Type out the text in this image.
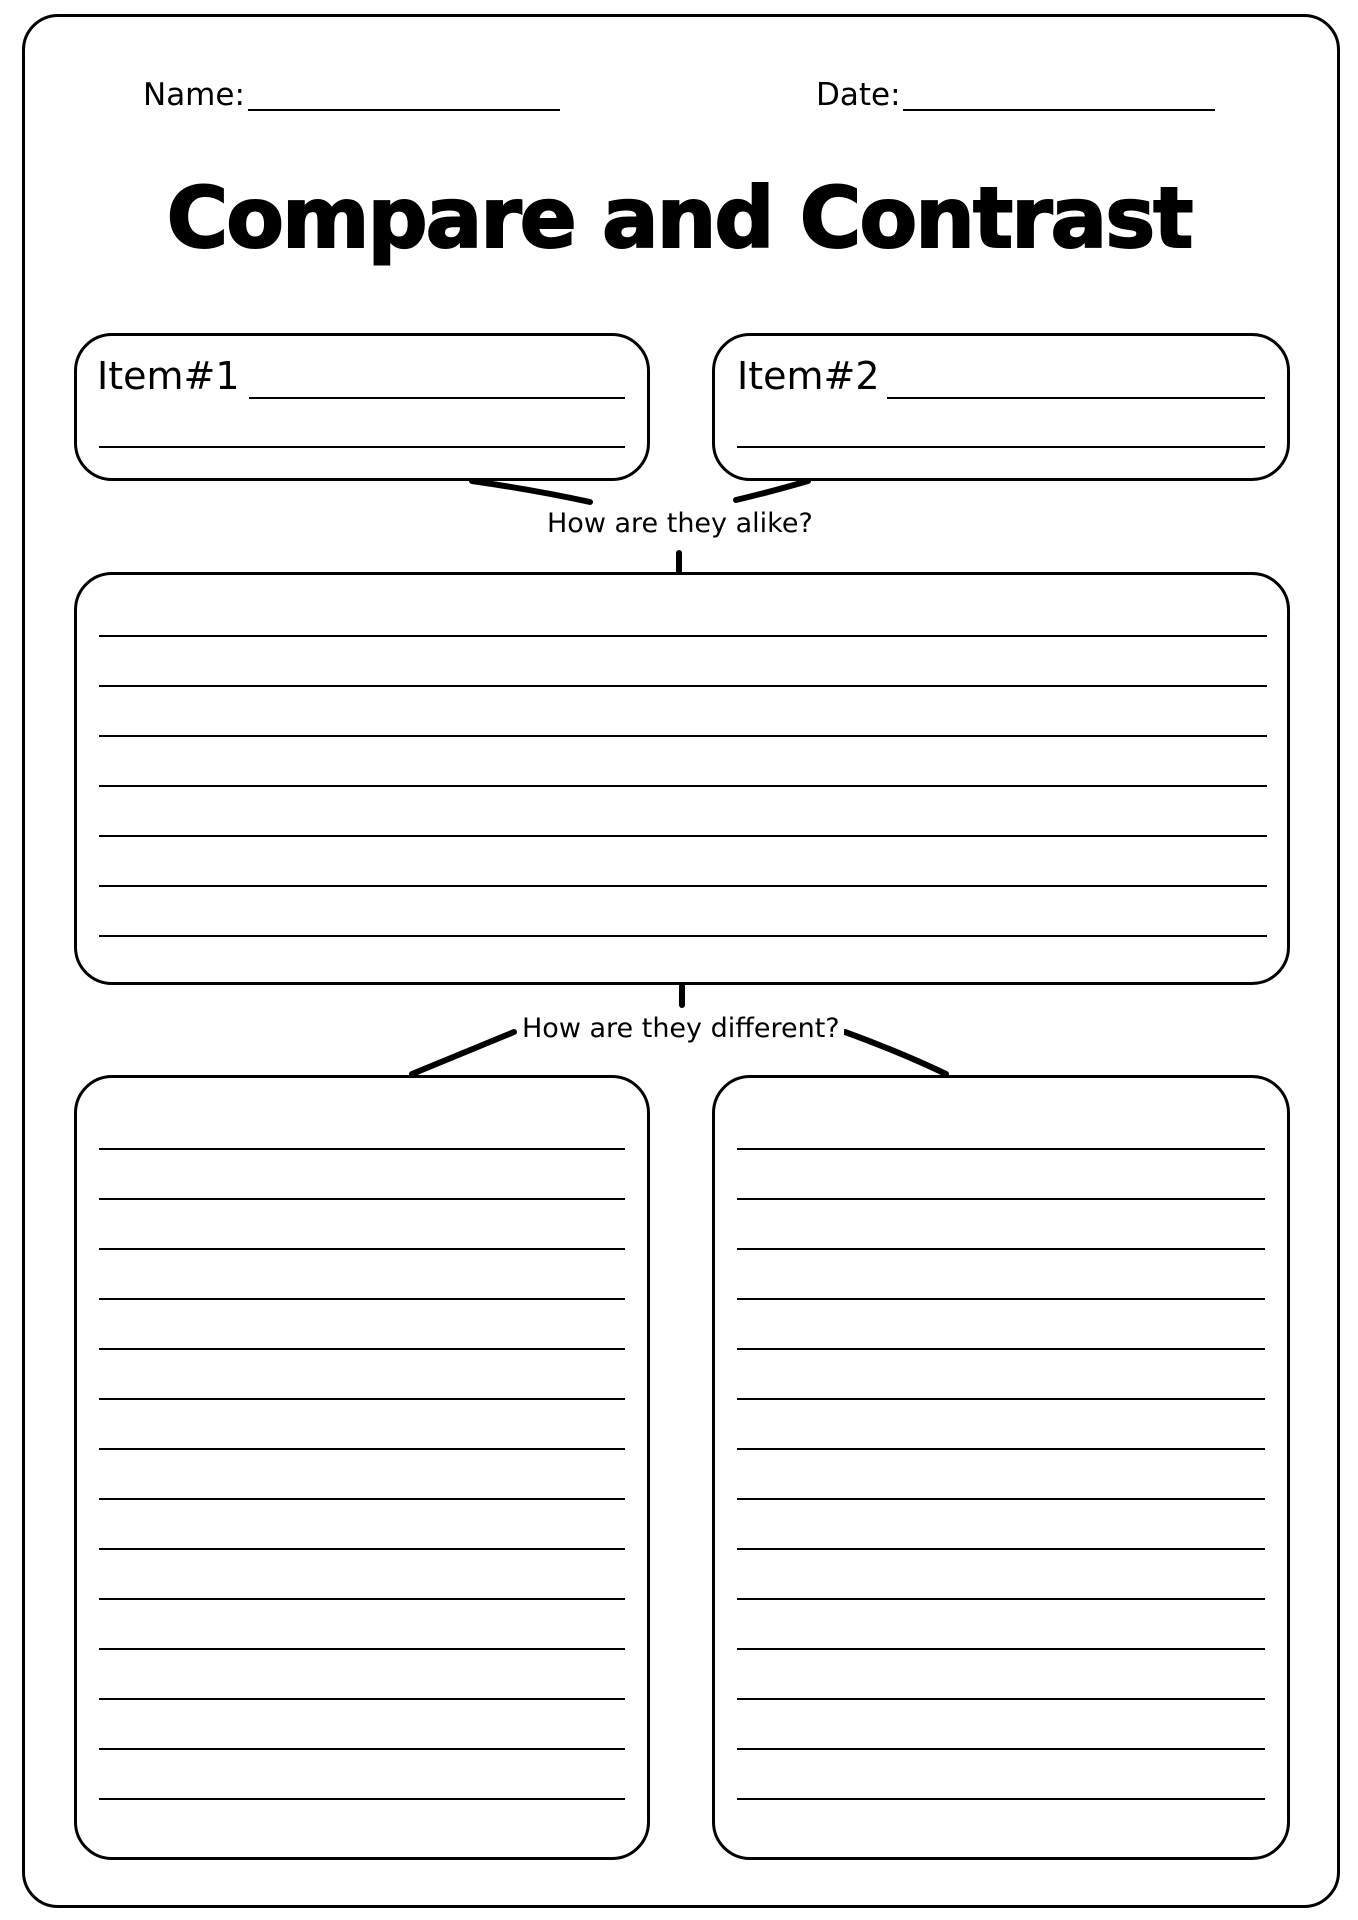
Name:	Date:
Compare and Contrast
Item#1	Item#2
How are they alike?
How are they different?
